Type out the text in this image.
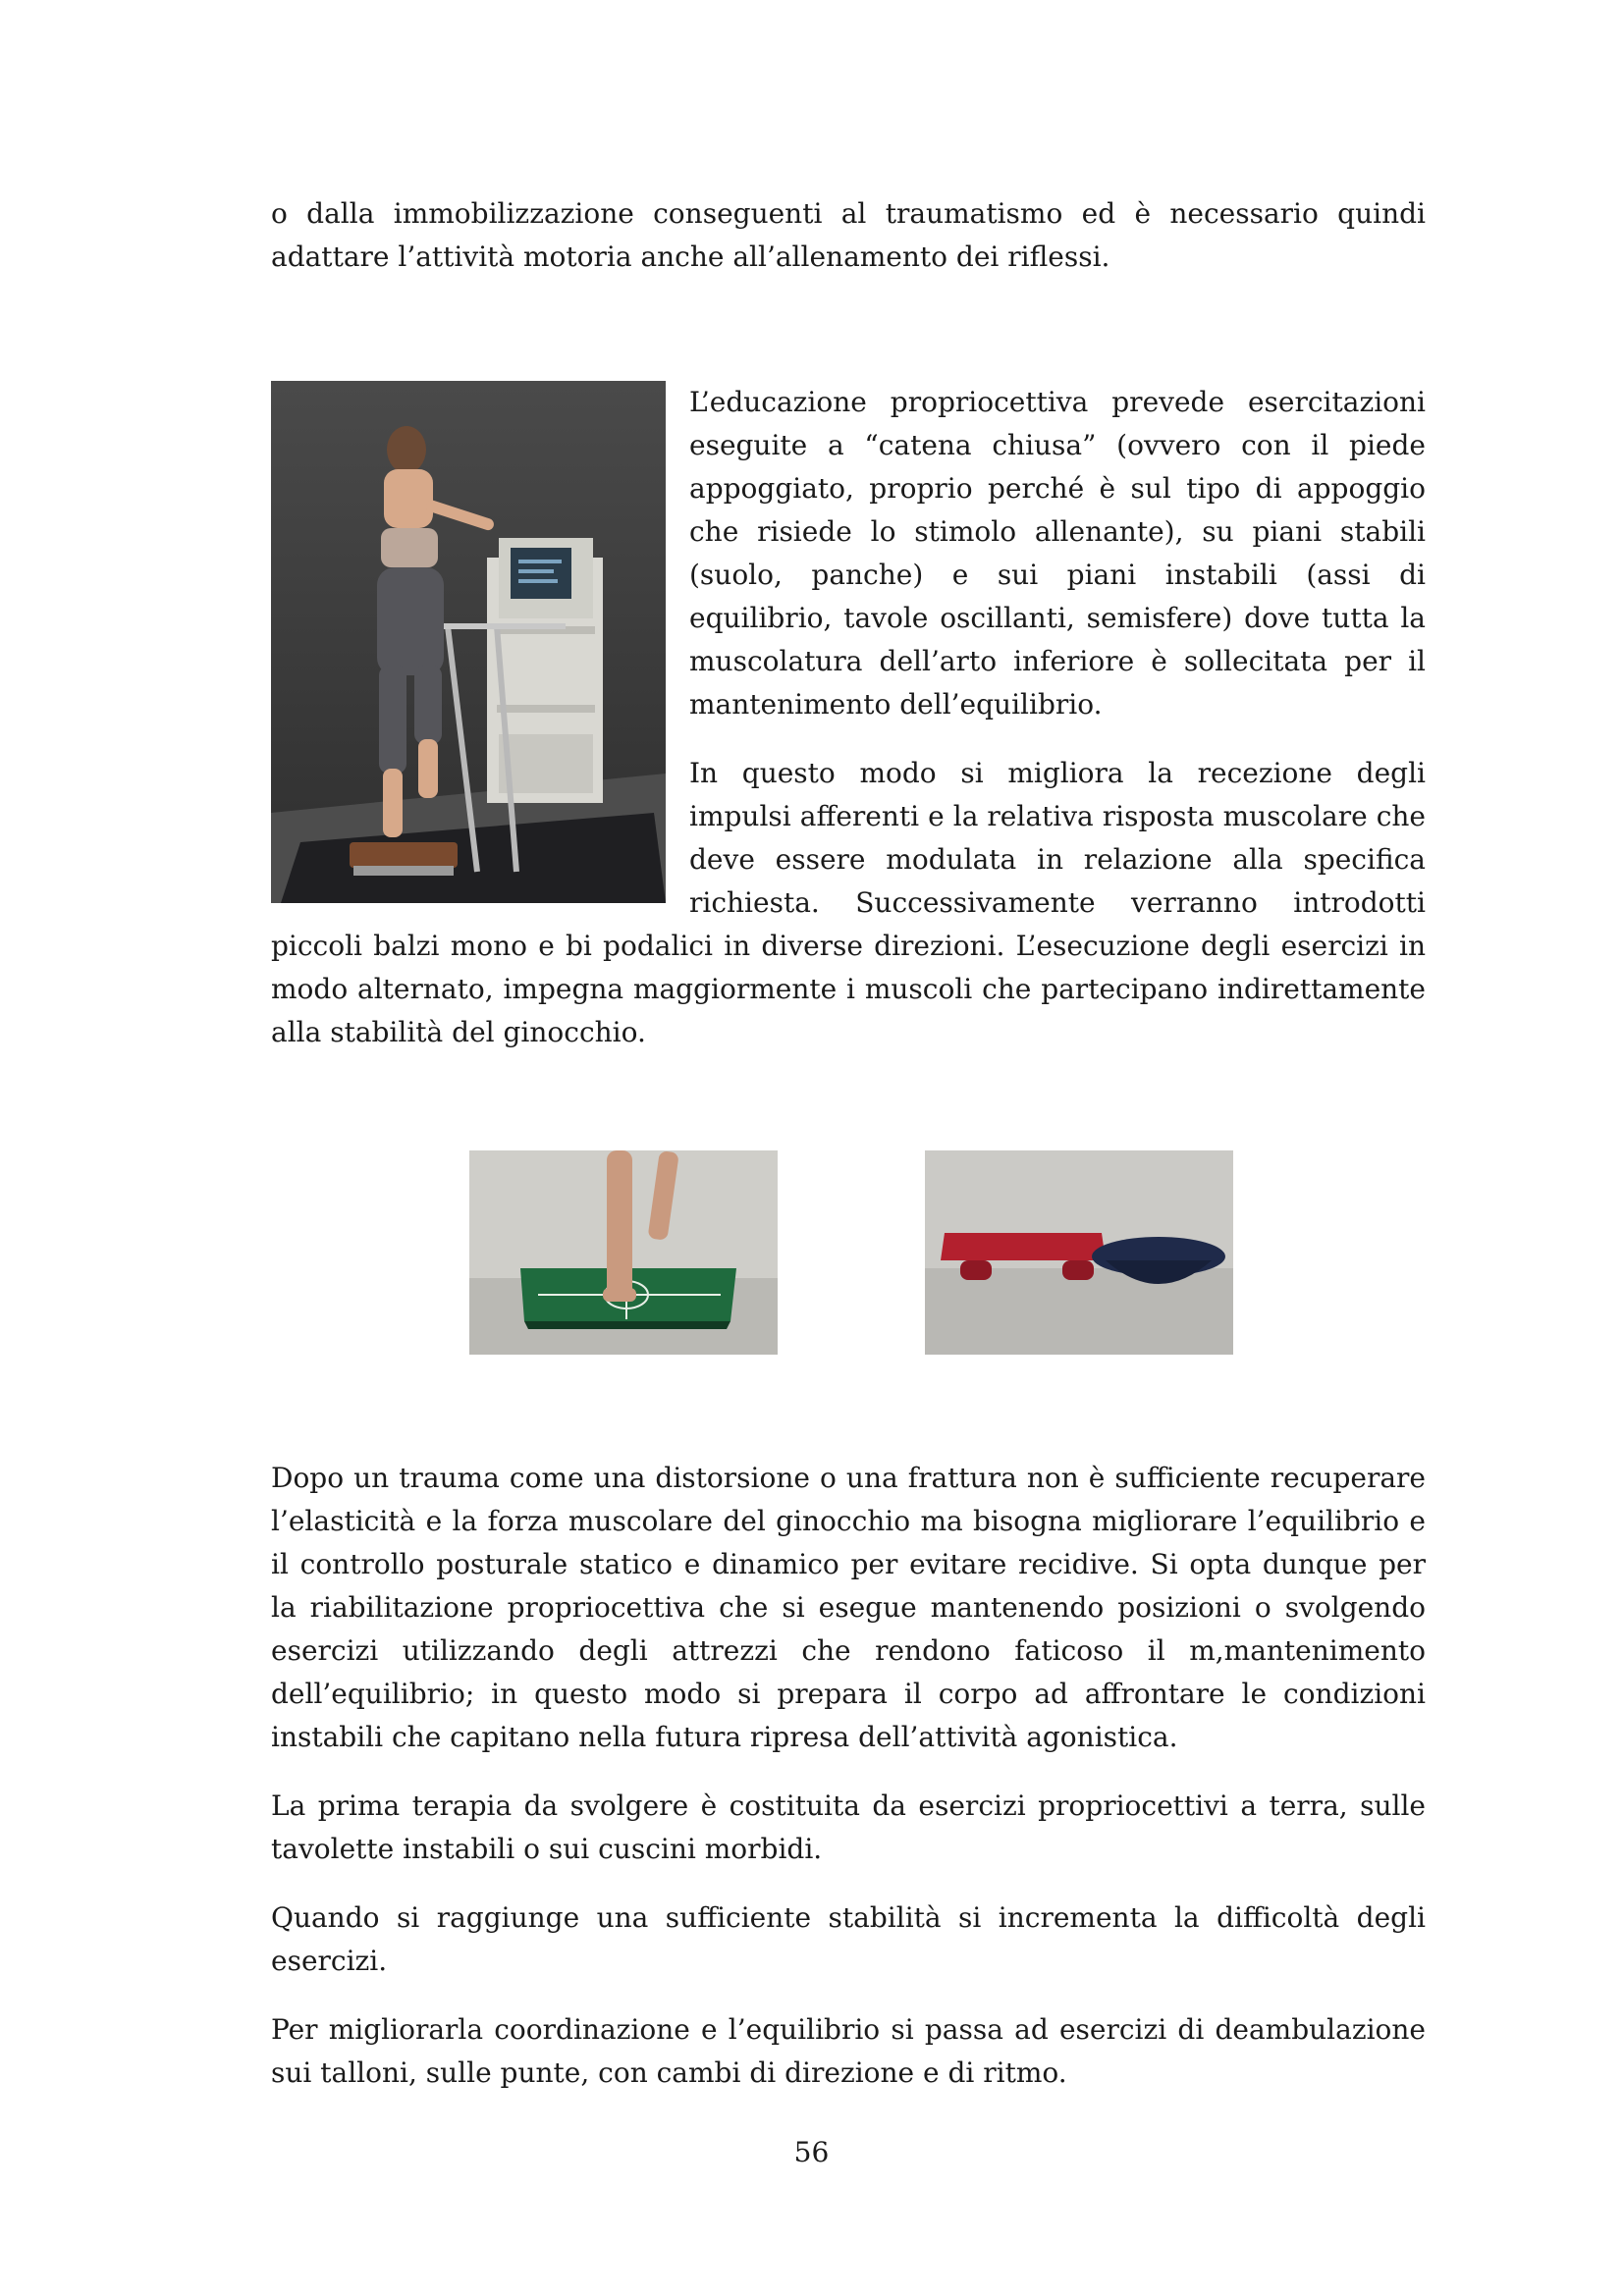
o dalla immobilizzazione conseguenti al traumatismo ed è necessario quindi adattare l’attività motoria anche all’allenamento dei riflessi.

L’educazione propriocettiva prevede esercitazioni eseguite a “catena chiusa” (ovvero con il piede appoggiato, proprio perché è sul tipo di appoggio che risiede lo stimolo allenante), su piani stabili (suolo, panche) e sui piani instabili (assi di equilibrio, tavole oscillanti, semisfere) dove tutta la muscolatura dell’arto inferiore è sollecitata per il mantenimento dell’equilibrio.

In questo modo si migliora la recezione degli impulsi afferenti e la relativa risposta muscolare che deve essere modulata in relazione alla specifica richiesta. Successivamente verranno introdotti piccoli balzi mono e bi podalici in diverse direzioni. L’esecuzione degli esercizi in modo alternato, impegna maggiormente i muscoli che partecipano indirettamente alla stabilità del ginocchio.

Dopo un trauma come una distorsione o una frattura non è sufficiente recuperare l’elasticità e la forza muscolare del ginocchio ma bisogna migliorare l’equilibrio e il controllo posturale statico e dinamico per evitare recidive. Si opta dunque per la riabilitazione propriocettiva che si esegue mantenendo posizioni o svolgendo esercizi utilizzando degli attrezzi che rendono faticoso il m,mantenimento dell’equilibrio; in questo modo si prepara il corpo ad affrontare le condizioni instabili che capitano nella futura ripresa dell’attività agonistica.

La prima terapia da svolgere è costituita da esercizi propriocettivi a terra, sulle tavolette instabili o sui cuscini morbidi.

Quando si raggiunge una sufficiente stabilità si incrementa la difficoltà degli esercizi.

Per migliorarla coordinazione e l’equilibrio si passa ad esercizi di deambulazione sui talloni, sulle punte, con cambi di direzione e di ritmo.

56
